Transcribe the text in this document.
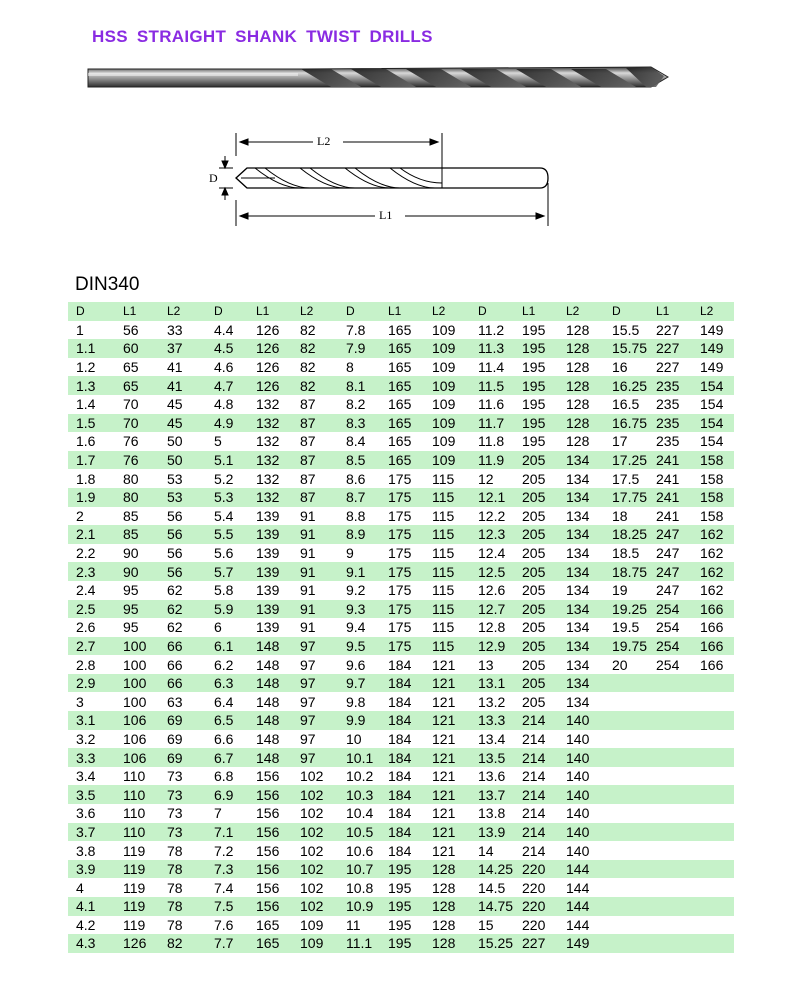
HSS STRAIGHT SHANK TWIST DRILLS
L2
L1
D
DIN340
D	L1	L2	D	L1	L2	D	L1	L2	D	L1	L2	D	L1	L2
1	56	33	4.4	126	82	7.8	165	109	11.2	195	128	15.5	227	149
1.1	60	37	4.5	126	82	7.9	165	109	11.3	195	128	15.75	227	149
1.2	65	41	4.6	126	82	8	165	109	11.4	195	128	16	227	149
1.3	65	41	4.7	126	82	8.1	165	109	11.5	195	128	16.25	235	154
1.4	70	45	4.8	132	87	8.2	165	109	11.6	195	128	16.5	235	154
1.5	70	45	4.9	132	87	8.3	165	109	11.7	195	128	16.75	235	154
1.6	76	50	5	132	87	8.4	165	109	11.8	195	128	17	235	154
1.7	76	50	5.1	132	87	8.5	165	109	11.9	205	134	17.25	241	158
1.8	80	53	5.2	132	87	8.6	175	115	12	205	134	17.5	241	158
1.9	80	53	5.3	132	87	8.7	175	115	12.1	205	134	17.75	241	158
2	85	56	5.4	139	91	8.8	175	115	12.2	205	134	18	241	158
2.1	85	56	5.5	139	91	8.9	175	115	12.3	205	134	18.25	247	162
2.2	90	56	5.6	139	91	9	175	115	12.4	205	134	18.5	247	162
2.3	90	56	5.7	139	91	9.1	175	115	12.5	205	134	18.75	247	162
2.4	95	62	5.8	139	91	9.2	175	115	12.6	205	134	19	247	162
2.5	95	62	5.9	139	91	9.3	175	115	12.7	205	134	19.25	254	166
2.6	95	62	6	139	91	9.4	175	115	12.8	205	134	19.5	254	166
2.7	100	66	6.1	148	97	9.5	175	115	12.9	205	134	19.75	254	166
2.8	100	66	6.2	148	97	9.6	184	121	13	205	134	20	254	166
2.9	100	66	6.3	148	97	9.7	184	121	13.1	205	134			
3	100	63	6.4	148	97	9.8	184	121	13.2	205	134			
3.1	106	69	6.5	148	97	9.9	184	121	13.3	214	140			
3.2	106	69	6.6	148	97	10	184	121	13.4	214	140			
3.3	106	69	6.7	148	97	10.1	184	121	13.5	214	140			
3.4	110	73	6.8	156	102	10.2	184	121	13.6	214	140			
3.5	110	73	6.9	156	102	10.3	184	121	13.7	214	140			
3.6	110	73	7	156	102	10.4	184	121	13.8	214	140			
3.7	110	73	7.1	156	102	10.5	184	121	13.9	214	140			
3.8	119	78	7.2	156	102	10.6	184	121	14	214	140			
3.9	119	78	7.3	156	102	10.7	195	128	14.25	220	144			
4	119	78	7.4	156	102	10.8	195	128	14.5	220	144			
4.1	119	78	7.5	156	102	10.9	195	128	14.75	220	144			
4.2	119	78	7.6	165	109	11	195	128	15	220	144			
4.3	126	82	7.7	165	109	11.1	195	128	15.25	227	149			
